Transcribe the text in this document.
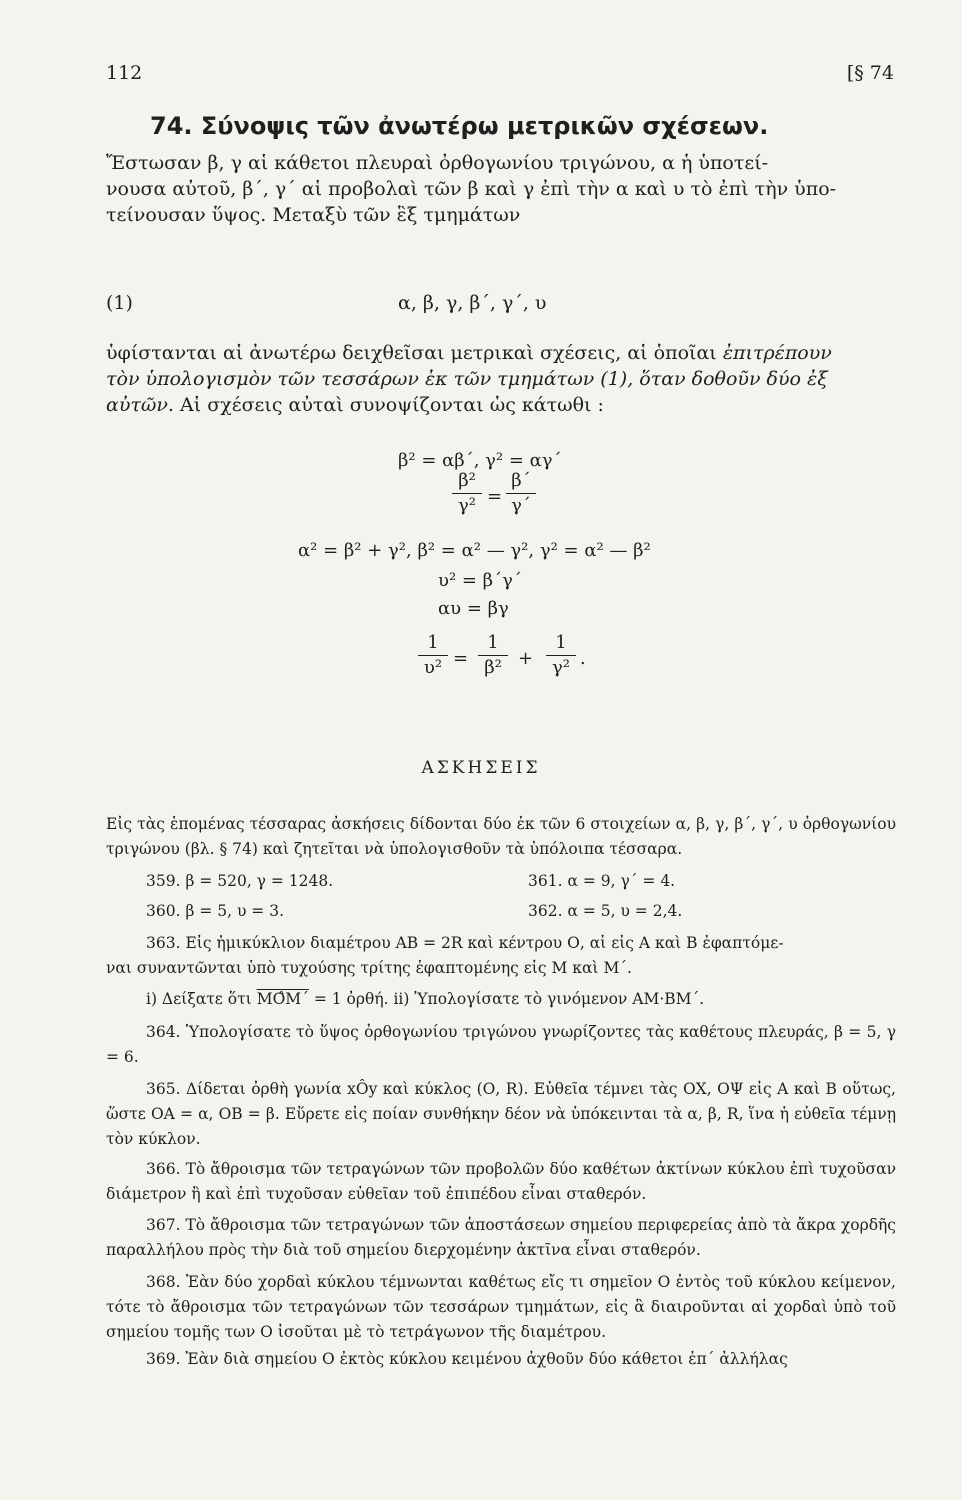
112	[§ 74
74. Σύνοψις τῶν ἀνωτέρω μετρικῶν σχέσεων.
Ἔστωσαν β, γ αἱ κάθετοι πλευραὶ ὀρθογωνίου τριγώνου, α ἡ ὑποτεί-
νουσα αὐτοῦ, β΄, γ΄ αἱ προβολαὶ τῶν β καὶ γ ἐπὶ τὴν α καὶ υ τὸ ἐπὶ τὴν ὑπο-
τείνουσαν ὕψος. Μεταξὺ τῶν ἓξ τμημάτων
(1)	α, β, γ, β΄, γ΄, υ
ὑφίστανται αἱ ἀνωτέρω δειχθεῖσαι μετρικαὶ σχέσεις, αἱ ὁποῖαι ἐπιτρέπουν
τὸν ὑπολογισμὸν τῶν τεσσάρων ἐκ τῶν τμημάτων (1), ὅταν δοθοῦν δύο ἐξ
αὐτῶν. Αἱ σχέσεις αὐταὶ συνοψίζονται ὡς κάτωθι :
β² = αβ΄, γ² = αγ΄
β²
γ² =
β΄
γ΄
α² = β² + γ², β² = α² — γ², γ² = α² — β²
υ² = β΄γ΄
αυ = βγ
1
υ² =
1
β² +
1
γ² .
ΑΣΚΗΣΕΙΣ
Εἰς τὰς ἑπομένας τέσσαρας ἀσκήσεις δίδονται δύο ἐκ τῶν 6 στοιχείων α, β, γ, β΄, γ΄, υ ὀρθογωνίου τριγώνου (βλ. § 74) καὶ ζητεῖται νὰ ὑπολογισθοῦν τὰ ὑπόλοιπα τέσσαρα.
359. β = 520, γ = 1248.	361. α = 9, γ΄ = 4.
360. β = 5, υ = 3.	362. α = 5, υ = 2,4.
363. Εἰς ἡμικύκλιον διαμέτρου ΑΒ = 2R καὶ κέντρου Ο, αἱ εἰς Α καὶ Β ἐφαπτόμε-
ναι συναντῶνται ὑπὸ τυχούσης τρίτης ἐφαπτομένης εἰς Μ καὶ Μ΄.
i) Δείξατε ὅτι ΜΟ̂Μ΄ = 1 ὀρθή. ii) Ὑπολογίσατε τὸ γινόμενον ΑΜ·ΒΜ΄.
364. Ὑπολογίσατε τὸ ὕψος ὀρθογωνίου τριγώνου γνωρίζοντες τὰς καθέτους πλευράς, β = 5, γ = 6.
365. Δίδεται ὀρθὴ γωνία xÔy καὶ κύκλος (Ο, R). Εὐθεῖα τέμνει τὰς ΟΧ, ΟΨ εἰς Α καὶ Β οὕτως, ὥστε ΟΑ = α, ΟΒ = β. Εὕρετε εἰς ποίαν συνθήκην δέον νὰ ὑπόκεινται τὰ α, β, R, ἵνα ἡ εὐθεῖα τέμνῃ τὸν κύκλον.
366. Τὸ ἄθροισμα τῶν τετραγώνων τῶν προβολῶν δύο καθέτων ἀκτίνων κύκλου ἐπὶ τυχοῦσαν διάμετρον ἢ καὶ ἐπὶ τυχοῦσαν εὐθεῖαν τοῦ ἐπιπέδου εἶναι σταθερόν.
367. Τὸ ἄθροισμα τῶν τετραγώνων τῶν ἀποστάσεων σημείου περιφερείας ἀπὸ τὰ ἄκρα χορδῆς παραλλήλου πρὸς τὴν διὰ τοῦ σημείου διερχομένην ἀκτῖνα εἶναι σταθερόν.
368. Ἐὰν δύο χορδαὶ κύκλου τέμνωνται καθέτως εἴς τι σημεῖον Ο ἐντὸς τοῦ κύκλου κείμενον, τότε τὸ ἄθροισμα τῶν τετραγώνων τῶν τεσσάρων τμημάτων, εἰς ἃ διαιροῦνται αἱ χορδαὶ ὑπὸ τοῦ σημείου τομῆς των Ο ἰσοῦται μὲ τὸ τετράγωνον τῆς διαμέτρου.
369. Ἐὰν διὰ σημείου Ο ἐκτὸς κύκλου κειμένου ἀχθοῦν δύο κάθετοι ἐπ΄ ἀλλήλας
